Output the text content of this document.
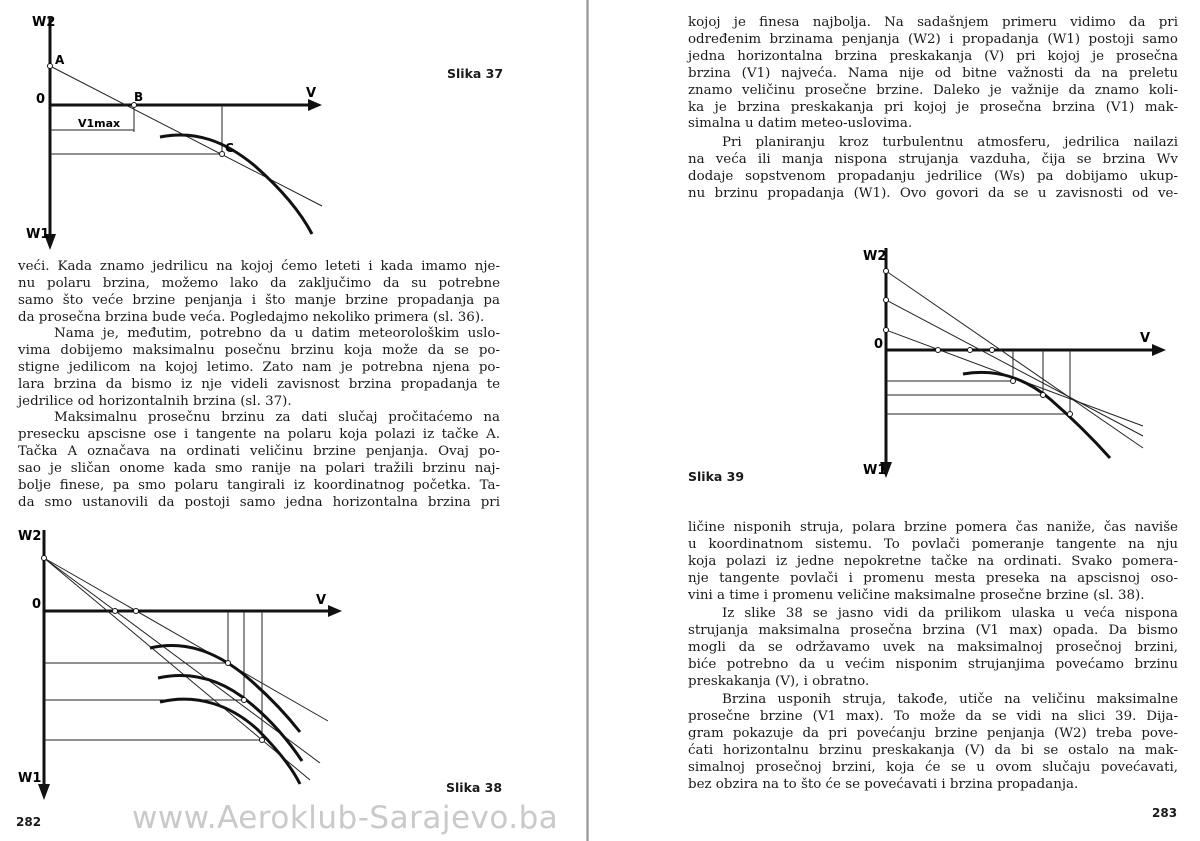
W2
W1
0	V
A
B
C
V1max
Slika 37
veći. Kada znamo jedrilicu na kojoj ćemo leteti i kada imamo nje-
nu polaru brzina, možemo lako da zaključimo da su potrebne
samo što veće brzine penjanja i što manje brzine propadanja pa
da prosečna brzina bude veća. Pogledajmo nekoliko primera (sl. 36).
Nama je, međutim, potrebno da u datim meteorološkim uslo-
vima dobijemo maksimalnu posečnu brzinu koja može da se po-
stigne jedilicom na kojoj letimo. Zato nam je potrebna njena po-
lara brzina da bismo iz nje videli zavisnost brzina propadanja te
jedrilice od horizontalnih brzina (sl. 37).
Maksimalnu prosečnu brzinu za dati slučaj pročitaćemo na
presecku apscisne ose i tangente na polaru koja polazi iz tačke A.
Tačka A označava na ordinati veličinu brzine penjanja. Ovaj po-
sao je sličan onome kada smo ranije na polari tražili brzinu naj-
bolje finese, pa smo polaru tangirali iz koordinatnog početka. Ta-
da smo ustanovili da postoji samo jedna horizontalna brzina pri
W2
W1
0	V
Slika 38
282	www.Aeroklub-Sarajevo.ba
kojoj je finesa najbolja. Na sadašnjem primeru vidimo da pri
određenim brzinama penjanja (W2) i propadanja (W1) postoji samo
jedna horizontalna brzina preskakanja (V) pri kojoj je prosečna
brzina (V1) najveća. Nama nije od bitne važnosti da na preletu
znamo veličinu prosečne brzine. Daleko je važnije da znamo koli-
ka je brzina preskakanja pri kojoj je prosečna brzina (V1) mak-
simalna u datim meteo-uslovima.
Pri planiranju kroz turbulentnu atmosferu, jedrilica nailazi
na veća ili manja nispona strujanja vazduha, čija se brzina Wv
dodaje sopstvenom propadanju jedrilice (Ws) pa dobijamo ukup-
nu brzinu propadanja (W1). Ovo govori da se u zavisnosti od ve-
W2
W1
0	V
Slika 39
ličine nisponih struja, polara brzine pomera čas naniže, čas naviše
u koordinatnom sistemu. To povlači pomeranje tangente na nju
koja polazi iz jedne nepokretne tačke na ordinati. Svako pomera-
nje tangente povlači i promenu mesta preseka na apscisnoj oso-
vini a time i promenu veličine maksimalne prosečne brzine (sl. 38).
Iz slike 38 se jasno vidi da prilikom ulaska u veća nispona
strujanja maksimalna prosečna brzina (V1 max) opada. Da bismo
mogli da se održavamo uvek na maksimalnoj prosečnoj brzini,
biće potrebno da u većim nisponim strujanjima povećamo brzinu
preskakanja (V), i obratno.
Brzina usponih struja, takođe, utiče na veličinu maksimalne
prosečne brzine (V1 max). To može da se vidi na slici 39. Dija-
gram pokazuje da pri povećanju brzine penjanja (W2) treba pove-
ćati horizontalnu brzinu preskakanja (V) da bi se ostalo na mak-
simalnoj prosečnoj brzini, koja će se u ovom slučaju povećavati,
bez obzira na to što će se povećavati i brzina propadanja.
283
